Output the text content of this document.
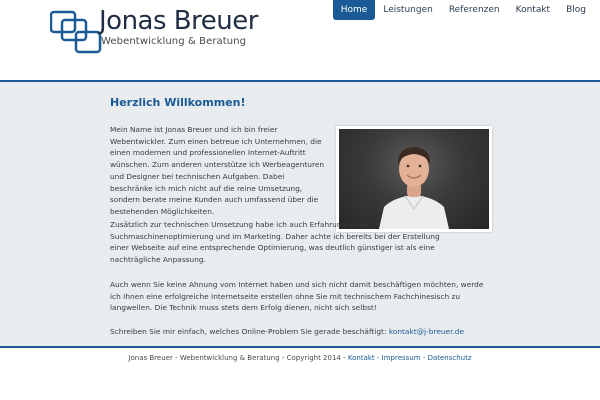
Jonas Breuer
Webentwicklung & Beratung
Home	Leistungen	Referenzen	Kontakt	Blog
Herzlich Willkommen!

Mein Name ist Jonas Breuer und ich bin freier Webentwickler. Zum einen betreue ich Unternehmen, die einen modernen und professionellen Internet-Auftritt wünschen. Zum anderen unterstütze ich Werbeagenturen und Designer bei technischen Aufgaben. Dabei beschränke ich mich nicht auf die reine Umsetzung, sondern berate meine Kunden auch umfassend über die bestehenden Möglichkeiten.

Zusätzlich zur technischen Umsetzung habe ich auch Erfahrung in der Suchmaschinenoptimierung und im Marketing. Daher achte ich bereits bei der Erstellung einer Webseite auf eine entsprechende Optimierung, was deutlich günstiger ist als eine nachträgliche Anpassung.

Auch wenn Sie keine Ahnung vom Internet haben und sich nicht damit beschäftigen möchten, werde ich Ihnen eine erfolgreiche Internetseite erstellen ohne Sie mit technischem Fachchinesisch zu langweilen. Die Technik muss stets dem Erfolg dienen, nicht sich selbst!

Schreiben Sie mir einfach, welches Online-Problem Sie gerade beschäftigt: kontakt@j-breuer.de

Jonas Breuer - Webentwicklung & Beratung - Copyright 2014 - Kontakt - Impressum - Datenschutz
